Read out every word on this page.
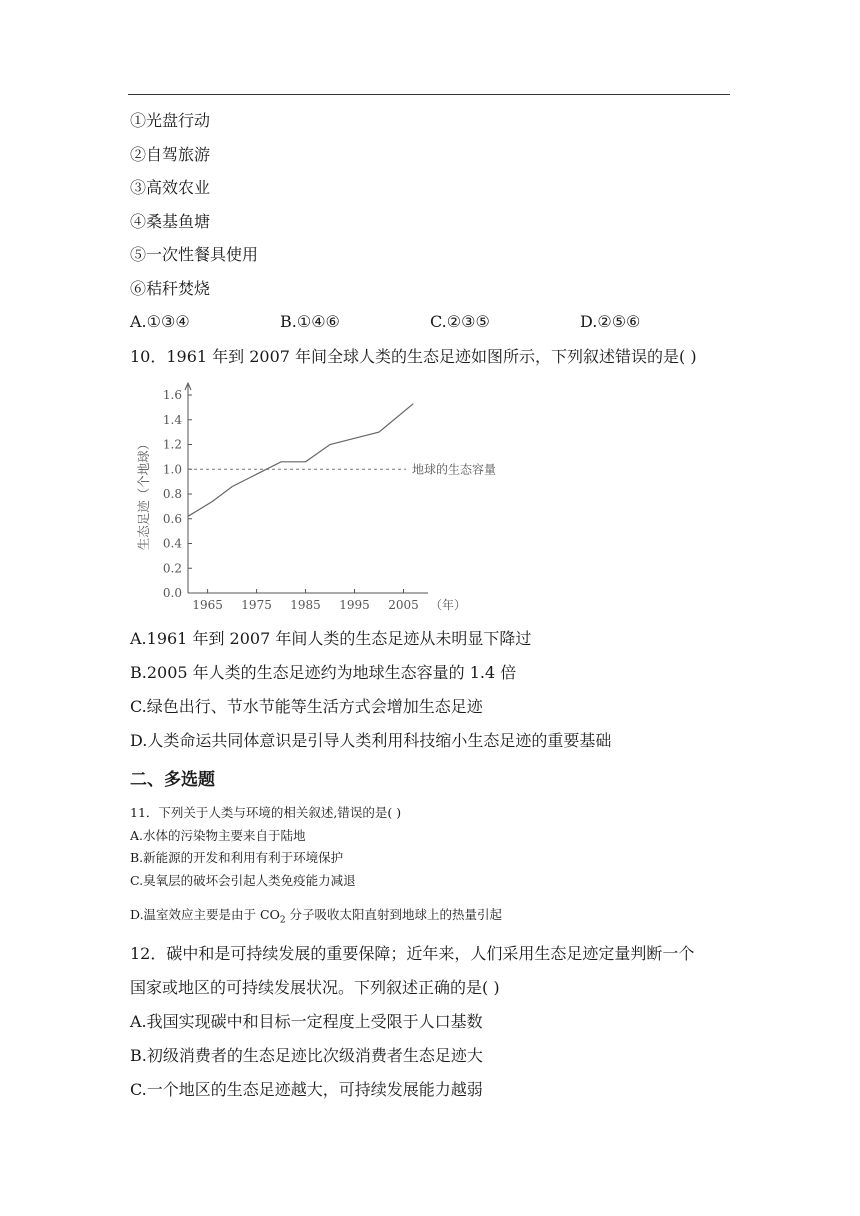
①光盘行动
②自驾旅游
③高效农业
④桑基鱼塘
⑤一次性餐具使用
⑥秸秆焚烧
A.①③④	B.①④⑥	C.②③⑤	D.②⑤⑥
10．1961 年到 2007 年间全球人类的生态足迹如图所示，下列叙述错误的是( )
0.0
0.2
0.4
0.6
0.8
1.0
1.2
1.4
1.6
1965 1975 1985 1995 2005
地球的生态容量
生态足迹（个地球）
（年）
A.1961 年到 2007 年间人类的生态足迹从未明显下降过
B.2005 年人类的生态足迹约为地球生态容量的 1.4 倍
C.绿色出行、节水节能等生活方式会增加生态足迹
D.人类命运共同体意识是引导人类利用科技缩小生态足迹的重要基础
二、多选题
11．下列关于人类与环境的相关叙述,错误的是( )
A.水体的污染物主要来自于陆地
B.新能源的开发和利用有利于环境保护
C.臭氧层的破坏会引起人类免疫能力减退
D.温室效应主要是由于 $CO_2$ 分子吸收太阳直射到地球上的热量引起
12．碳中和是可持续发展的重要保障；近年来，人们采用生态足迹定量判断一个
国家或地区的可持续发展状况。下列叙述正确的是( )
A.我国实现碳中和目标一定程度上受限于人口基数
B.初级消费者的生态足迹比次级消费者生态足迹大
C.一个地区的生态足迹越大，可持续发展能力越弱
